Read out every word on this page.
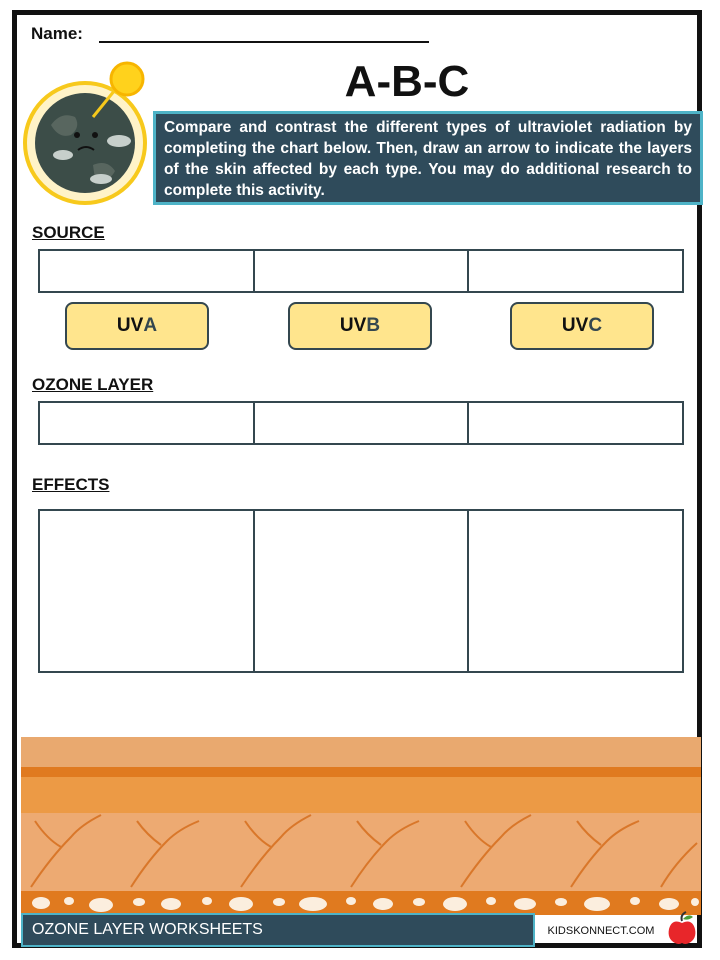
Name:
A-B-C
Compare and contrast the different types of ultraviolet radiation by completing the chart below. Then, draw an arrow to indicate the layers of the skin affected by each type. You may do additional research to complete this activity.
SOURCE
UV A	UV B	UV C
OZONE LAYER
EFFECTS
OZONE LAYER WORKSHEETS	KIDSKONNECT.COM
